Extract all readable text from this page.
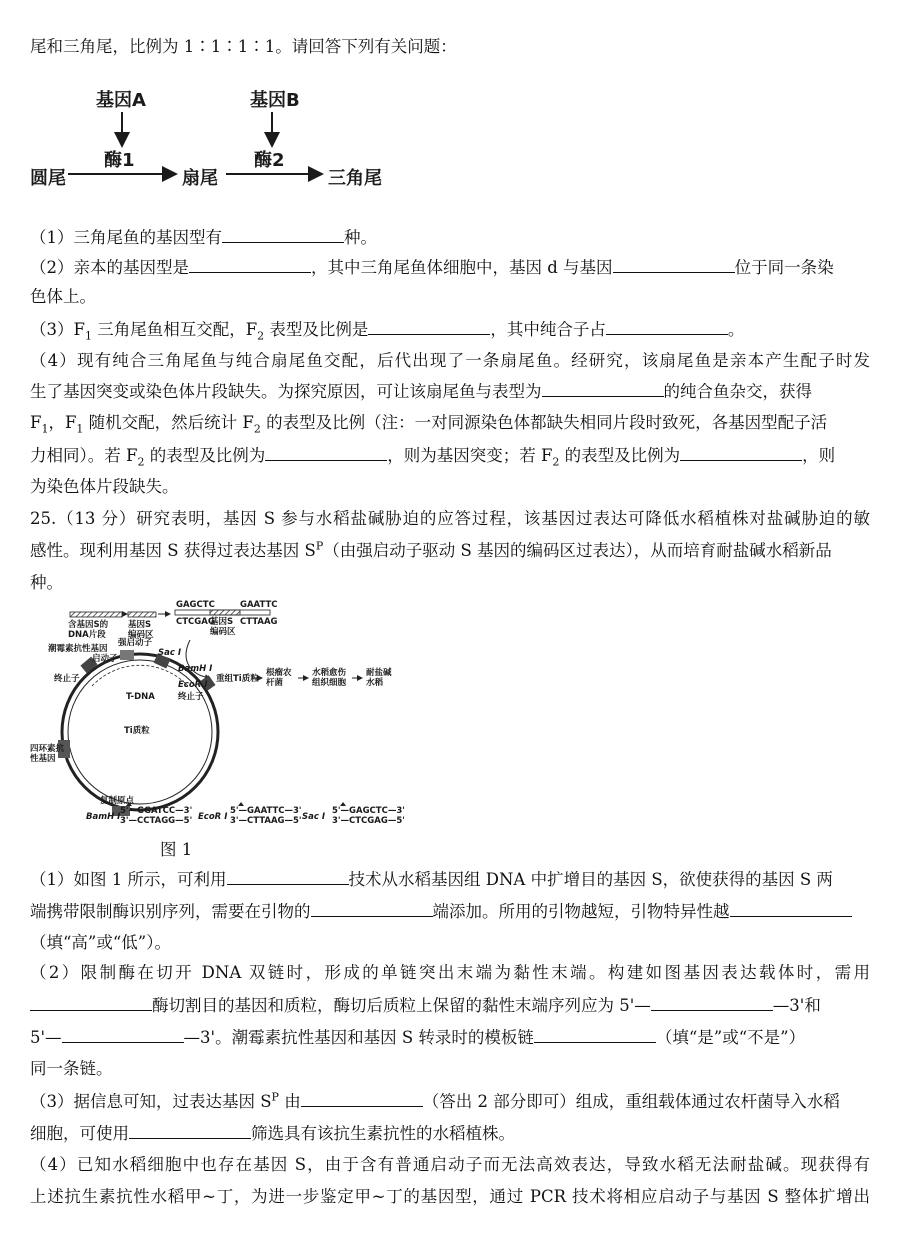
尾和三角尾，比例为 1∶1∶1∶1。请回答下列有关问题：
基因A	基因B
酶1	酶2
圆尾	扇尾	三角尾
（1）三角尾鱼的基因型有	种。
（2）亲本的基因型是	，其中三角尾鱼体细胞中，基因 d 与基因	位于同一条染
色体上。
$(3)F_1$ 三角尾鱼相互交配，$F_2$ 表型及比例是	，其中纯合子占	。
（4）现有纯合三角尾鱼与纯合扇尾鱼交配，后代出现了一条扇尾鱼。经研究，该扇尾鱼是亲本产生配子时发
生了基因突变或染色体片段缺失。为探究原因，可让该扇尾鱼与表型为	的纯合鱼杂交，获得
$F_1$，$F_1$ 随机交配，然后统计 $F_2$ 的表型及比例（注：一对同源染色体都缺失相同片段时致死，各基因型配子活
力相同）。若 $F_2$ 的表型及比例为	，则为基因突变；若 $F_2$ 的表型及比例为	，则
为染色体片段缺失。
25.（13 分）研究表明，基因 S 参与水稻盐碱胁迫的应答过程，该基因过表达可降低水稻植株对盐碱胁迫的敏
感性。现利用基因 S 获得过表达基因 $S^P$（由强启动子驱动 S 基因的编码区过表达），从而培育耐盐碱水稻新品
种。
含基因S的DNA片段
基因S编码区
GAGCTC	GAATTC
CTCGAG
基因S编码区
CTTAAG
潮霉素抗性基因
强启动子
启动子
Sac Ⅰ
BamH Ⅰ
EcoR Ⅰ
终止子
终止子
T-DNA
Ti质粒
四环素抗性基因
复制原点
重组Ti质粒
根瘤农杆菌
水稻愈伤组织细胞
耐盐碱水稻
BamH Ⅰ
5'—GGATCC—3'
3'—CCTAGG—5' EcoR Ⅰ
5'—GAATTC—3'
3'—CTTAAG—5' Sac Ⅰ
5'—GAGCTC—3'
3'—CTCGAG—5'
图 1
（1）如图 1 所示，可利用	技术从水稻基因组 DNA 中扩增目的基因 S，欲使获得的基因 S 两
端携带限制酶识别序列，需要在引物的	端添加。所用的引物越短，引物特异性越
（填“高”或“低”）。
（2）限制酶在切开 DNA 双链时，形成的单链突出末端为黏性末端。构建如图基因表达载体时，需用
酶切割目的基因和质粒，酶切后质粒上保留的黏性末端序列应为 5'—	—3'和
5'—	—3'。潮霉素抗性基因和基因 S 转录时的模板链	（填“是”或“不是”）
同一条链。
（3）据信息可知，过表达基因 $S^P$ 由	（答出 2 部分即可）组成，重组载体通过农杆菌导入水稻
细胞，可使用	筛选具有该抗生素抗性的水稻植株。
（4）已知水稻细胞中也存在基因 S，由于含有普通启动子而无法高效表达，导致水稻无法耐盐碱。现获得有
上述抗生素抗性水稻甲~丁，为进一步鉴定甲~丁的基因型，通过 PCR 技术将相应启动子与基因 S 整体扩增出
